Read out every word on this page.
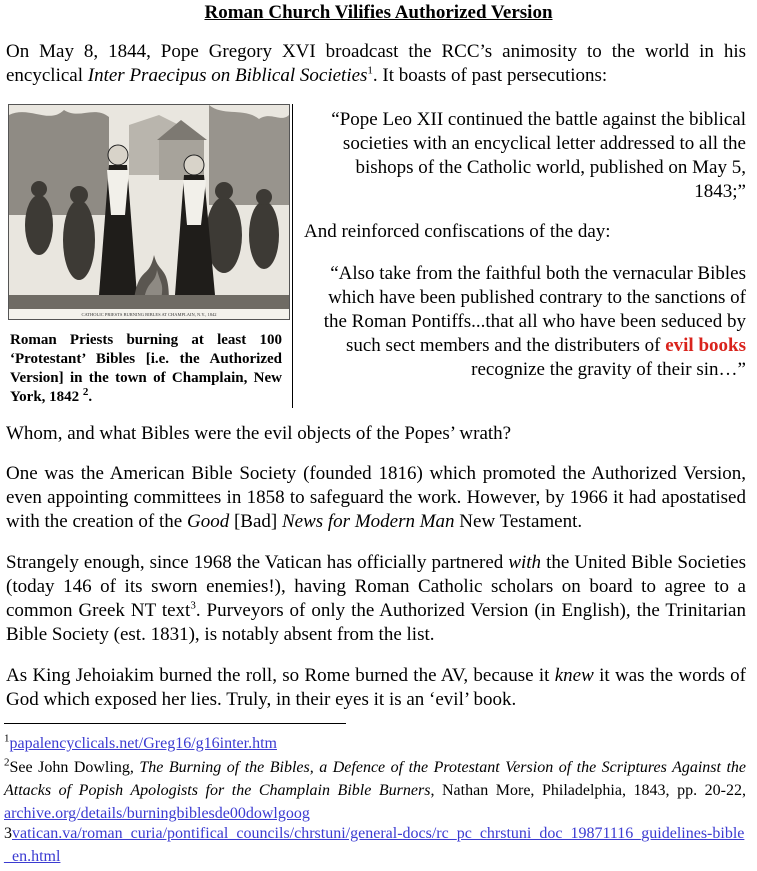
Roman Church Vilifies Authorized Version

On May 8, 1844, Pope Gregory XVI broadcast the RCC’s animosity to the world in his encyclical Inter Praecipus on Biblical Societies$^1$. It boasts of past persecutions:

CATHOLIC PRIESTS BURNING BIBLES AT CHAMPLAIN, N.Y., 1842
Roman Priests burning at least 100 ‘Protestant’ Bibles [i.e. the Authorized Version] in the town of Champlain, New York, 1842 $^2$.
“Pope Leo XII continued the battle against the biblical societies with an encyclical letter addressed to all the bishops of the Catholic world, published on May 5, 1843;”
And reinforced confiscations of the day:
“Also take from the faithful both the vernacular Bibles which have been published contrary to the sanctions of the Roman Pontiffs...that all who have been seduced by such sect members and the distributers of evil books recognize the gravity of their sin…”

Whom, and what Bibles were the evil objects of the Popes’ wrath?

One was the American Bible Society (founded 1816) which promoted the Authorized Version, even appointing committees in 1858 to safeguard the work. However, by 1966 it had apostatised with the creation of the Good [Bad] News for Modern Man New Testament.

Strangely enough, since 1968 the Vatican has officially partnered with the United Bible Societies (today 146 of its sworn enemies!), having Roman Catholic scholars on board to agree to a common Greek NT text$^3$. Purveyors of only the Authorized Version (in English), the Trinitarian Bible Society (est. 1831), is notably absent from the list.

As King Jehoiakim burned the roll, so Rome burned the AV, because it knew it was the words of God which exposed her lies. Truly, in their eyes it is an ‘evil’ book.

$^1$papalencyclicals.net/Greg16/g16inter.htm

$^2$See John Dowling, The Burning of the Bibles, a Defence of the Protestant Version of the Scriptures Against the Attacks of Popish Apologists for the Champlain Bible Burners, Nathan More, Philadelphia, 1843, pp. 20-22, archive.org/details/burningbiblesde00dowlgoog

3vatican.va/roman_curia/pontifical_councils/chrstuni/general-docs/rc_pc_chrstuni_doc_19871116_guidelines-bible_en.html
